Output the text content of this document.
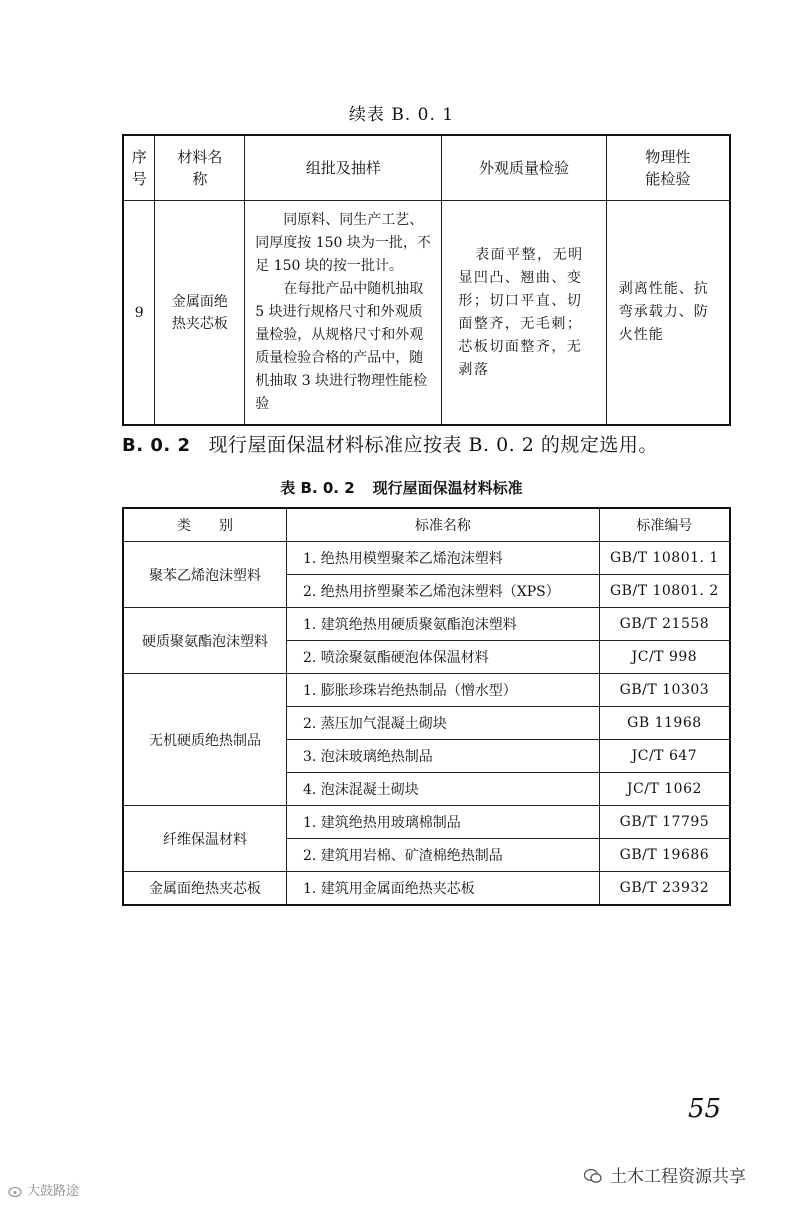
续表 B. 0. 1
序号	材料名称	组批及抽样	外观质量检验	物理性能检验
9	金属面绝热夹芯板	同原料、同生产工艺、同厚度按 150 块为一批，不足 150 块的按一批计。

在每批产品中随机抽取 5 块进行规格尺寸和外观质量检验，从规格尺寸和外观质量检验合格的产品中，随机抽取 3 块进行物理性能检验	表面平整，无明显凹凸、翘曲、变形；切口平直、切面整齐，无毛刺；芯板切面整齐，无剥落	剥离性能、抗弯承载力、防火性能
B. 0. 2 现行屋面保温材料标准应按表 B. 0. 2 的规定选用。
表 B. 0. 2 现行屋面保温材料标准
类　　别	标准名称	标准编号
聚苯乙烯泡沫塑料	1. 绝热用模塑聚苯乙烯泡沫塑料	GB/T 10801. 1
	2. 绝热用挤塑聚苯乙烯泡沫塑料（XPS）	GB/T 10801. 2
硬质聚氨酯泡沫塑料	1. 建筑绝热用硬质聚氨酯泡沫塑料	GB/T 21558
	2. 喷涂聚氨酯硬泡体保温材料	JC/T 998
无机硬质绝热制品	1. 膨胀珍珠岩绝热制品（憎水型）	GB/T 10303
	2. 蒸压加气混凝土砌块	GB 11968
	3. 泡沫玻璃绝热制品	JC/T 647
	4. 泡沫混凝土砌块	JC/T 1062
纤维保温材料	1. 建筑绝热用玻璃棉制品	GB/T 17795
	2. 建筑用岩棉、矿渣棉绝热制品	GB/T 19686
金属面绝热夹芯板	1. 建筑用金属面绝热夹芯板	GB/T 23932
55
土木工程资源共享
大鼓路途
